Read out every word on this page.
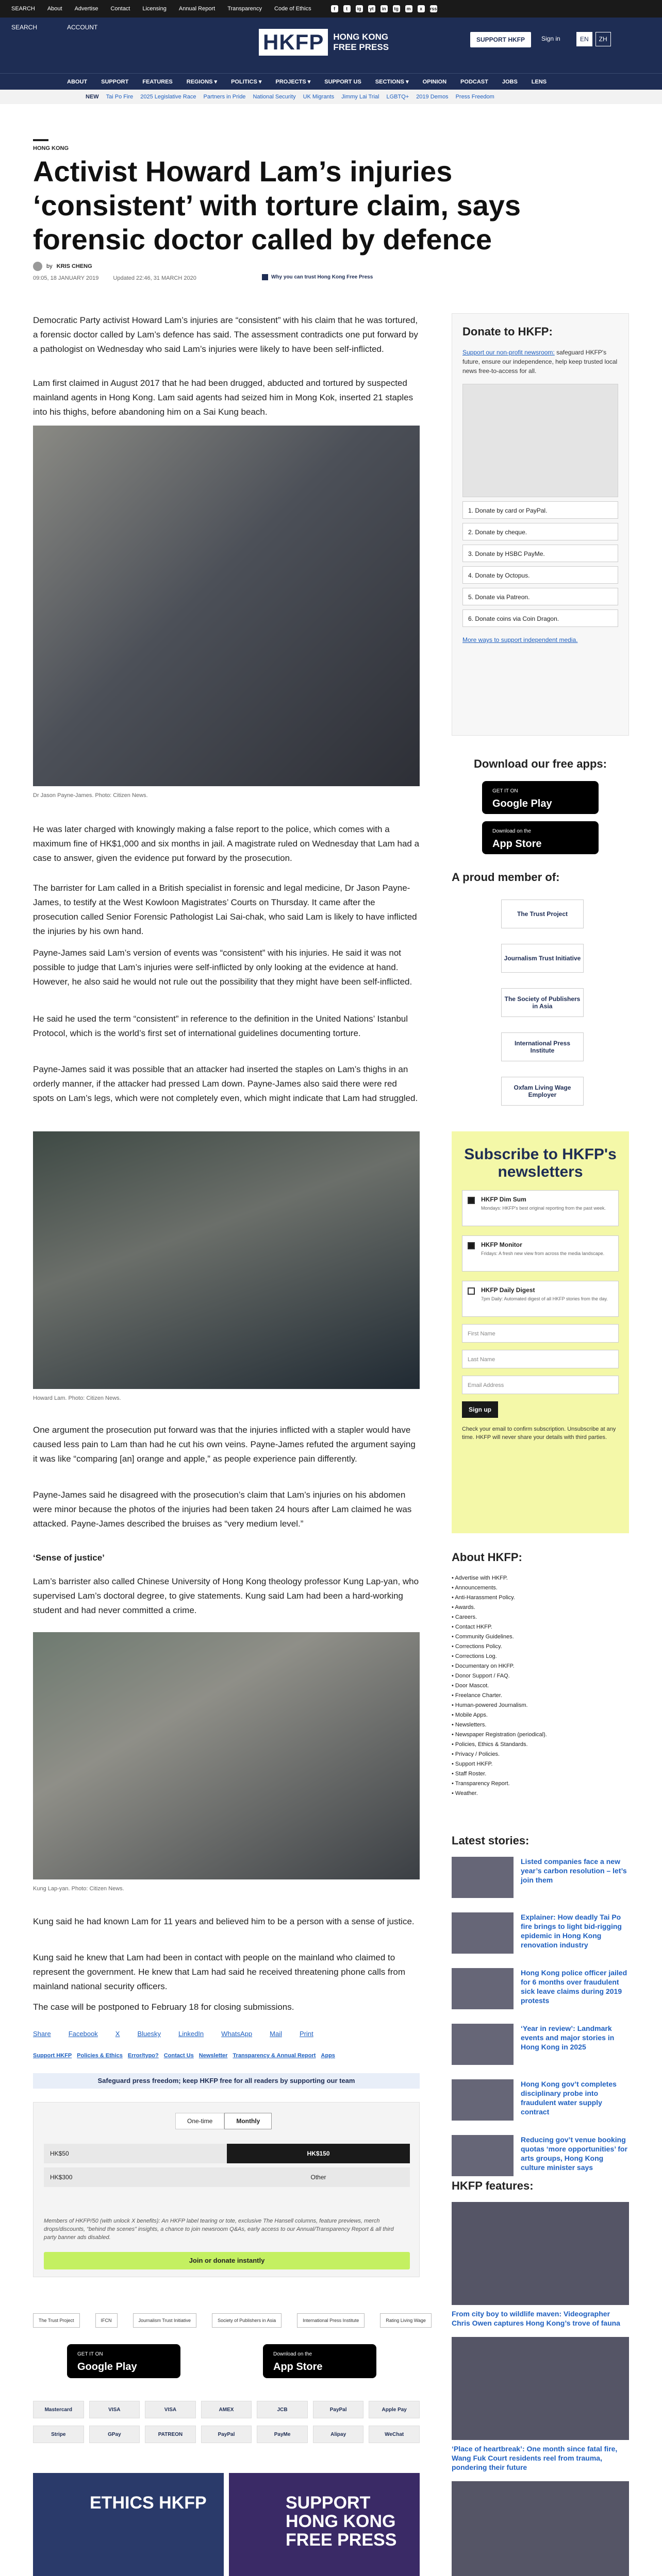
SEARCH About Advertise Contact Licensing Annual Report Transparency Code of Ethics	f	t	ig	yt	in	tg	m	x	rss
SEARCH	ACCOUNT
HKFP	HONG KONG
FREE PRESS
SUPPORT HKFP	Sign in	EN	ZH
ABOUT SUPPORT FEATURES REGIONS ▾ POLITICS ▾ PROJECTS ▾ SUPPORT US SECTIONS ▾ OPINION PODCAST JOBS LENS
NEW Tai Po Fire 2025 Legislative Race Partners in Pride National Security UK Migrants Jimmy Lai Trial LGBTQ+ 2019 Demos Press Freedom
HONG KONG
Activist Howard Lam’s injuries ‘consistent’ with torture claim, says forensic doctor called by defence
by KRIS CHENG
09:05, 18 JANUARY 2019	Updated 22:46, 31 MARCH 2020	Why you can trust Hong Kong Free Press

Democratic Party activist Howard Lam’s injuries are “consistent” with his claim that he was tortured, a forensic doctor called by Lam’s defence has said. The assessment contradicts one put forward by a pathologist on Wednesday who said Lam’s injuries were likely to have been self-inflicted.

Lam first claimed in August 2017 that he had been drugged, abducted and tortured by suspected mainland agents in Hong Kong. Lam said agents had seized him in Mong Kok, inserted 21 staples into his thighs, before abandoning him on a Sai Kung beach.

Dr Jason Payne-James. Photo: Citizen News.

He was later charged with knowingly making a false report to the police, which comes with a maximum fine of HK$1,000 and six months in jail. A magistrate ruled on Wednesday that Lam had a case to answer, given the evidence put forward by the prosecution.

The barrister for Lam called in a British specialist in forensic and legal medicine, Dr Jason Payne-James, to testify at the West Kowloon Magistrates’ Courts on Thursday. It came after the prosecution called Senior Forensic Pathologist Lai Sai-chak, who said Lam is likely to have inflicted the injuries by his own hand.

Payne-James said Lam’s version of events was “consistent” with his injuries. He said it was not possible to judge that Lam’s injuries were self-inflicted by only looking at the evidence at hand. However, he also said he would not rule out the possibility that they might have been self-inflicted.

He said he used the term “consistent” in reference to the definition in the United Nations’ Istanbul Protocol, which is the world’s first set of international guidelines documenting torture.

Payne-James said it was possible that an attacker had inserted the staples on Lam’s thighs in an orderly manner, if the attacker had pressed Lam down. Payne-James also said there were red spots on Lam’s legs, which were not completely even, which might indicate that Lam had struggled.

Howard Lam. Photo: Citizen News.

One argument the prosecution put forward was that the injuries inflicted with a stapler would have caused less pain to Lam than had he cut his own veins. Payne-James refuted the argument saying it was like “comparing [an] orange and apple,” as people experience pain differently.

Payne-James said he disagreed with the prosecution’s claim that Lam’s injuries on his abdomen were minor because the photos of the injuries had been taken 24 hours after Lam claimed he was attacked. Payne-James described the bruises as “very medium level.”

‘Sense of justice’

Lam’s barrister also called Chinese University of Hong Kong theology professor Kung Lap-yan, who supervised Lam’s doctoral degree, to give statements. Kung said Lam had been a hard-working student and had never committed a crime.

Kung Lap-yan. Photo: Citizen News.

Kung said he had known Lam for 11 years and believed him to be a person with a sense of justice.

Kung said he knew that Lam had been in contact with people on the mainland who claimed to represent the government. He knew that Lam had said he received threatening phone calls from mainland national security officers.

The case will be postponed to February 18 for closing submissions.

Share	Facebook	X	Bluesky	LinkedIn	WhatsApp	Mail	Print
Support HKFP Policies & Ethics Error/typo? Contact Us Newsletter Transparency & Annual Report Apps
Safeguard press freedom; keep HKFP free for all readers by supporting our team
One-time	Monthly
HK$50	HK$150
HK$300	Other
Members of HKFP/50 (with unlock X benefits): An HKFP label tearing or tote, exclusive The Hansell columns, feature previews, merch drops/discounts, “behind the scenes” insights, a chance to join newsroom Q&As, early access to our Annual/Transparency Report & all third party banner ads disabled.
Join or donate instantly
The Trust Project	IFCN	Journalism Trust Initiative	Society of Publishers in Asia	International Press Institute	Rating Living Wage
GET IT ON
Google Play
Download on the
App Store
Mastercard	VISA	VISA	AMEX	JCB	PayPal	Apple Pay
Stripe	GPay	PATREON	PayPal	PayMe	Alipay	WeChat
ETHICS HKFP	SUPPORT HONG KONG FREE PRESS
Donate to HKFP:
Support our non-profit newsroom: safeguard HKFP's future, ensure our independence, help keep trusted local news free-to-access for all.
1. Donate by card or PayPal.
2. Donate by cheque.
3. Donate by HSBC PayMe.
4. Donate by Octopus.
5. Donate via Patreon.
6. Donate coins via Coin Dragon.
More ways to support independent media.
Download our free apps:
GET IT ON
Google Play
Download on the
App Store
A proud member of:
The Trust Project
Journalism Trust Initiative
The Society of Publishers in Asia
International Press Institute
Oxfam Living Wage Employer
Subscribe to HKFP's newsletters
HKFP Dim Sum
Mondays: HKFP's best original reporting from the past week.
HKFP Monitor
Fridays: A fresh new view from across the media landscape.
HKFP Daily Digest
7pm Daily: Automated digest of all HKFP stories from the day.
First Name
Last Name
Email Address
Sign up
Check your email to confirm subscription. Unsubscribe at any time. HKFP will never share your details with third parties.
About HKFP:
• Advertise with HKFP.
• Announcements.
• Anti-Harassment Policy.
• Awards.
• Careers.
• Contact HKFP.
• Community Guidelines.
• Corrections Policy.
• Corrections Log.
• Documentary on HKFP.
• Donor Support / FAQ.
• Door Mascot.
• Freelance Charter.
• Human-powered Journalism.
• Mobile Apps.
• Newsletters.
• Newspaper Registration (periodical).
• Policies, Ethics & Standards.
• Privacy / Policies.
• Support HKFP.
• Staff Roster.
• Transparency Report.
• Weather.
Latest stories:
Listed companies face a new year’s carbon resolution – let’s join them
Explainer: How deadly Tai Po fire brings to light bid-rigging epidemic in Hong Kong renovation industry
Hong Kong police officer jailed for 6 months over fraudulent sick leave claims during 2019 protests
‘Year in review’: Landmark events and major stories in Hong Kong in 2025
Hong Kong gov’t completes disciplinary probe into fraudulent water supply contract
Reducing gov’t venue booking quotas ‘more opportunities’ for arts groups, Hong Kong culture minister says
HKFP features:
From city boy to wildlife maven: Videographer Chris Owen captures Hong Kong’s trove of fauna
‘Place of heartbreak’: One month since fatal fire, Wang Fuk Court residents reel from trauma, pondering their future
